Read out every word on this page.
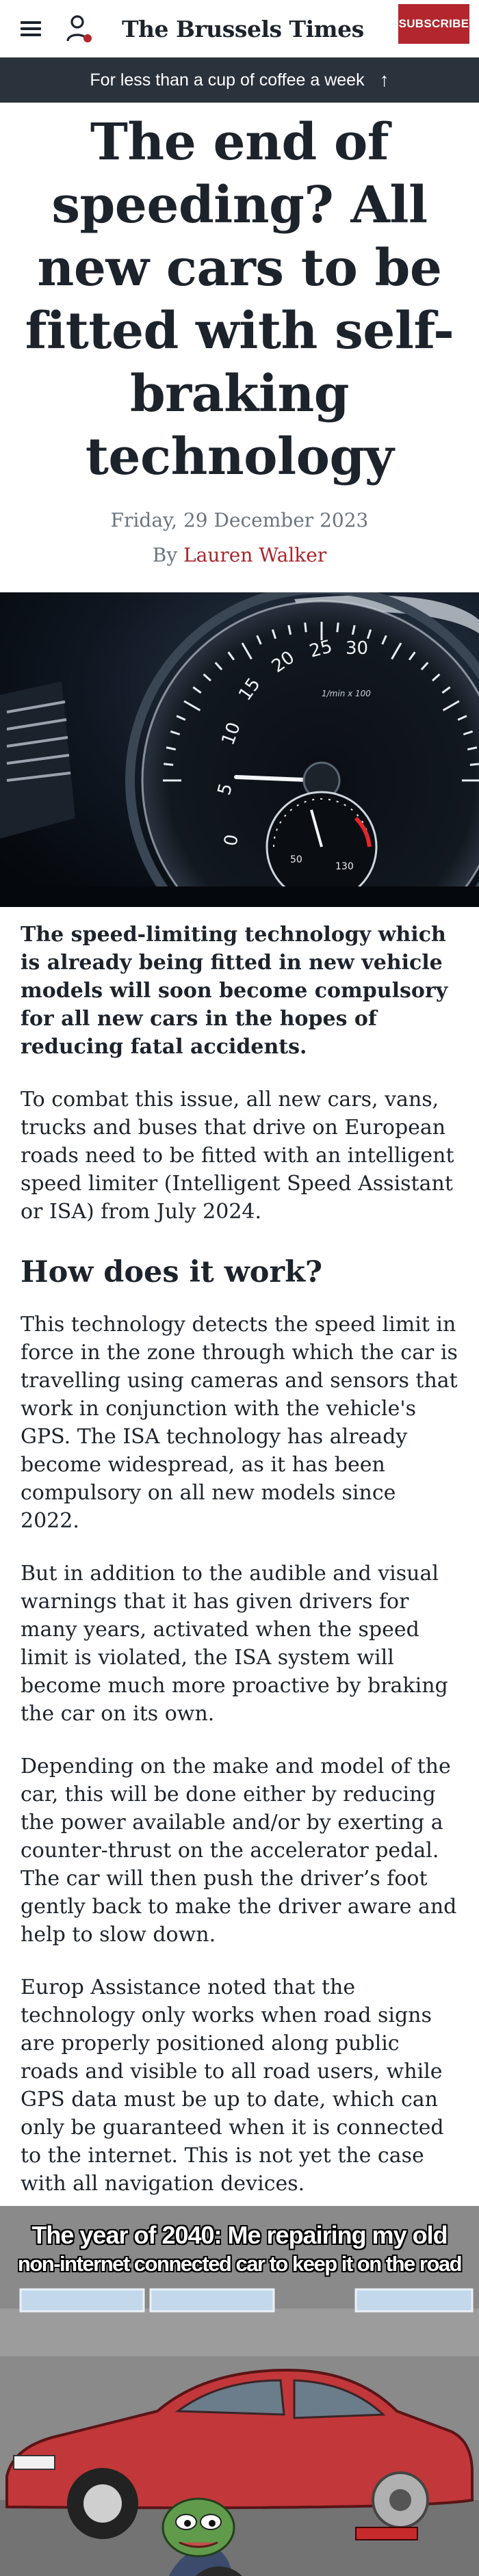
The Brussels Times	SUBSCRIBE
For less than a cup of coffee a week ↑
The end of speeding? All new cars to be fitted with self-braking technology
Friday, 29 December 2023
By Lauren Walker
0
5
10
15
20 25 30
1/min x 100
50
130

The speed-limiting technology which is already being fitted in new vehicle models will soon become compulsory for all new cars in the hopes of reducing fatal accidents.

To combat this issue, all new cars, vans, trucks and buses that drive on European roads need to be fitted with an intelligent speed limiter (Intelligent Speed Assistant or ISA) from July 2024.

How does it work?

This technology detects the speed limit in force in the zone through which the car is travelling using cameras and sensors that work in conjunction with the vehicle's GPS. The ISA technology has already become widespread, as it has been compulsory on all new models since 2022.

But in addition to the audible and visual warnings that it has given drivers for many years, activated when the speed limit is violated, the ISA system will become much more proactive by braking the car on its own.

Depending on the make and model of the car, this will be done either by reducing the power available and/or by exerting a counter-thrust on the accelerator pedal. The car will then push the driver’s foot gently back to make the driver aware and help to slow down.

Europ Assistance noted that the technology only works when road signs are properly positioned along public roads and visible to all road users, while GPS data must be up to date, which can only be guaranteed when it is connected to the internet. This is not yet the case with all navigation devices.

The year of 2040: Me repairing my old
non-internet connected car to keep it on the road
